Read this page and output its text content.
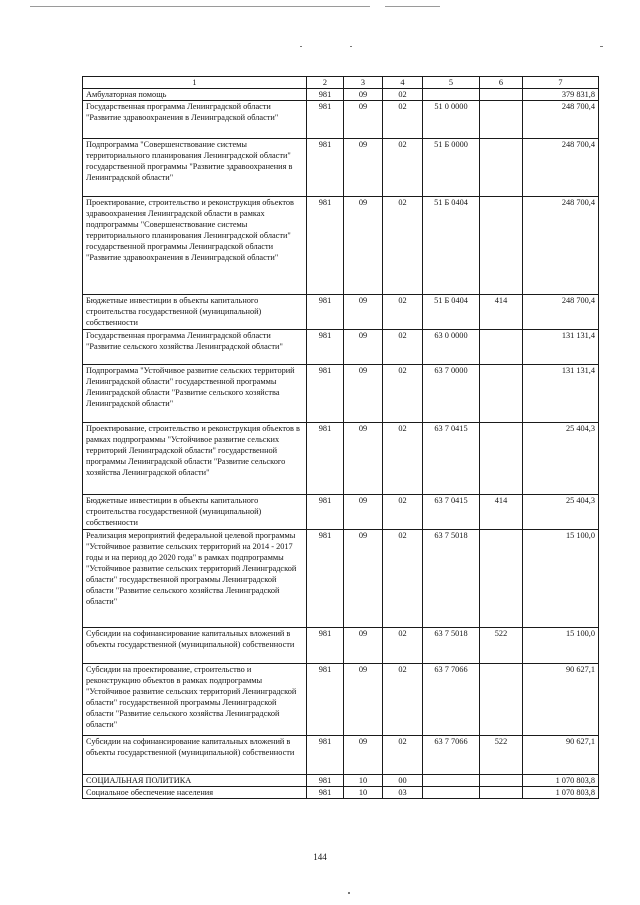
1	2	3	4	5	6	7
Амбулаторная помощь	981	09	02			379 831,8
Государственная программа Ленинградской области "Развитие здравоохранения в Ленинградской области"	981	09	02	51 0 0000		248 700,4
Подпрограмма "Совершенствование системы территориального планирования Ленинградской области" государственной программы "Развитие здравоохранения в Ленинградской области"	981	09	02	51 Б 0000		248 700,4
Проектирование, строительство и реконструкция объектов здравоохранения Ленинградской области в рамках подпрограммы "Совершенствование системы территориального планирования Ленинградской области" государственной программы Ленинградской области "Развитие здравоохранения в Ленинградской области"	981	09	02	51 Б 0404		248 700,4
Бюджетные инвестиции в объекты капитального строительства государственной (муниципальной) собственности	981	09	02	51 Б 0404	414	248 700,4
Государственная программа Ленинградской области "Развитие сельского хозяйства Ленинградской области"	981	09	02	63 0 0000		131 131,4
Подпрограмма "Устойчивое развитие сельских территорий Ленинградской области" государственной программы Ленинградской области "Развитие сельского хозяйства Ленинградской области"	981	09	02	63 7 0000		131 131,4
Проектирование, строительство и реконструкция объектов в рамках подпрограммы "Устойчивое развитие сельских территорий Ленинградской области" государственной программы Ленинградской области "Развитие сельского хозяйства Ленинградской области"	981	09	02	63 7 0415		25 404,3
Бюджетные инвестиции в объекты капитального строительства государственной (муниципальной) собственности	981	09	02	63 7 0415	414	25 404,3
Реализация мероприятий федеральной целевой программы "Устойчивое развитие сельских территорий на 2014 - 2017 годы и на период до 2020 года" в рамках подпрограммы "Устойчивое развитие сельских территорий Ленинградской области" государственной программы Ленинградской области "Развитие сельского хозяйства Ленинградской области"	981	09	02	63 7 5018		15 100,0
Субсидии на софинансирование капитальных вложений в объекты государственной (муниципальной) собственности	981	09	02	63 7 5018	522	15 100,0
Субсидии на проектирование, строительство и реконструкцию объектов в рамках подпрограммы "Устойчивое развитие сельских территорий Ленинградской области" государственной программы Ленинградской области "Развитие сельского хозяйства Ленинградской области"	981	09	02	63 7 7066		90 627,1
Субсидии на софинансирование капитальных вложений в объекты государственной (муниципальной) собственности	981	09	02	63 7 7066	522	90 627,1
СОЦИАЛЬНАЯ ПОЛИТИКА	981	10	00			1 070 803,8
Социальное обеспечение населения	981	10	03			1 070 803,8
144
